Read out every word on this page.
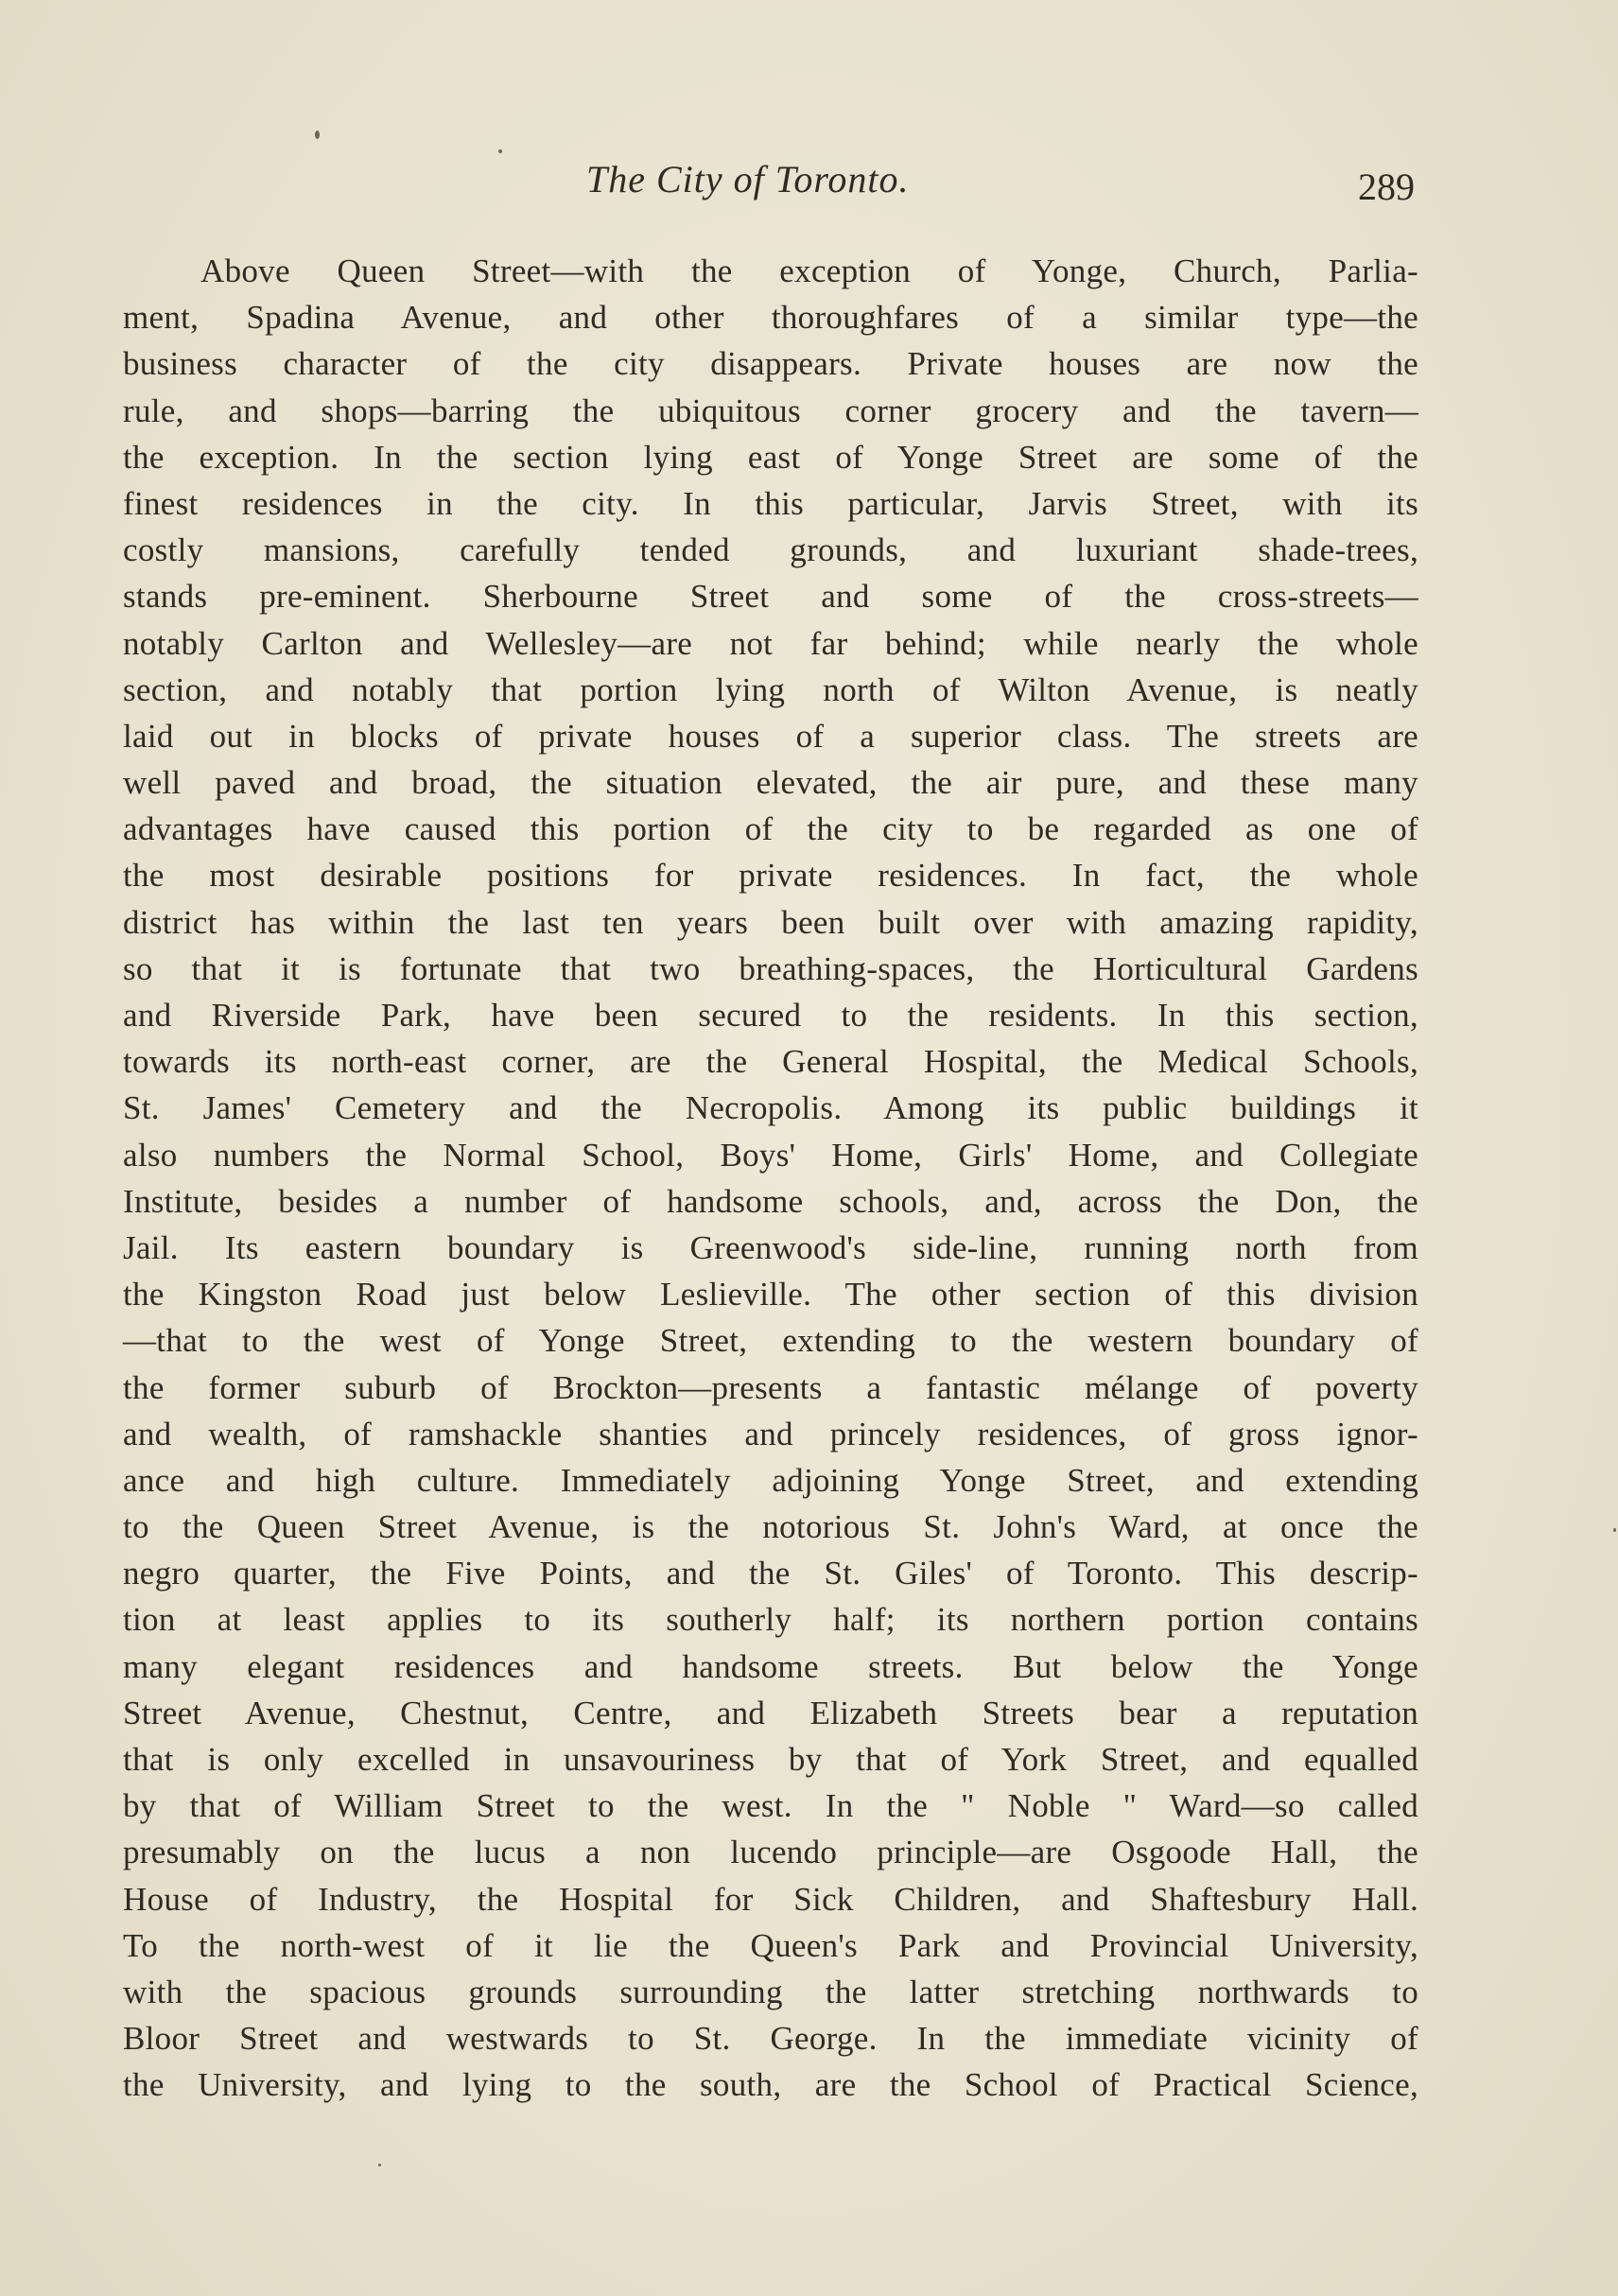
The City of Toronto.	289
Above Queen Street—with the exception of Yonge, Church, Parlia-
ment, Spadina Avenue, and other thoroughfares of a similar type—the
business character of the city disappears. Private houses are now the
rule, and shops—barring the ubiquitous corner grocery and the tavern—
the exception. In the section lying east of Yonge Street are some of the
finest residences in the city. In this particular, Jarvis Street, with its
costly mansions, carefully tended grounds, and luxuriant shade-trees,
stands pre-eminent. Sherbourne Street and some of the cross-streets—
notably Carlton and Wellesley—are not far behind; while nearly the whole
section, and notably that portion lying north of Wilton Avenue, is neatly
laid out in blocks of private houses of a superior class. The streets are
well paved and broad, the situation elevated, the air pure, and these many
advantages have caused this portion of the city to be regarded as one of
the most desirable positions for private residences. In fact, the whole
district has within the last ten years been built over with amazing rapidity,
so that it is fortunate that two breathing-spaces, the Horticultural Gardens
and Riverside Park, have been secured to the residents. In this section,
towards its north-east corner, are the General Hospital, the Medical Schools,
St. James' Cemetery and the Necropolis. Among its public buildings it
also numbers the Normal School, Boys' Home, Girls' Home, and Collegiate
Institute, besides a number of handsome schools, and, across the Don, the
Jail. Its eastern boundary is Greenwood's side-line, running north from
the Kingston Road just below Leslieville. The other section of this division
—that to the west of Yonge Street, extending to the western boundary of
the former suburb of Brockton—presents a fantastic mélange of poverty
and wealth, of ramshackle shanties and princely residences, of gross ignor-
ance and high culture. Immediately adjoining Yonge Street, and extending
to the Queen Street Avenue, is the notorious St. John's Ward, at once the
negro quarter, the Five Points, and the St. Giles' of Toronto. This descrip-
tion at least applies to its southerly half; its northern portion contains
many elegant residences and handsome streets. But below the Yonge
Street Avenue, Chestnut, Centre, and Elizabeth Streets bear a reputation
that is only excelled in unsavouriness by that of York Street, and equalled
by that of William Street to the west. In the " Noble " Ward—so called
presumably on the lucus a non lucendo principle—are Osgoode Hall, the
House of Industry, the Hospital for Sick Children, and Shaftesbury Hall.
To the north-west of it lie the Queen's Park and Provincial University,
with the spacious grounds surrounding the latter stretching northwards to
Bloor Street and westwards to St. George. In the immediate vicinity of
the University, and lying to the south, are the School of Practical Science,
